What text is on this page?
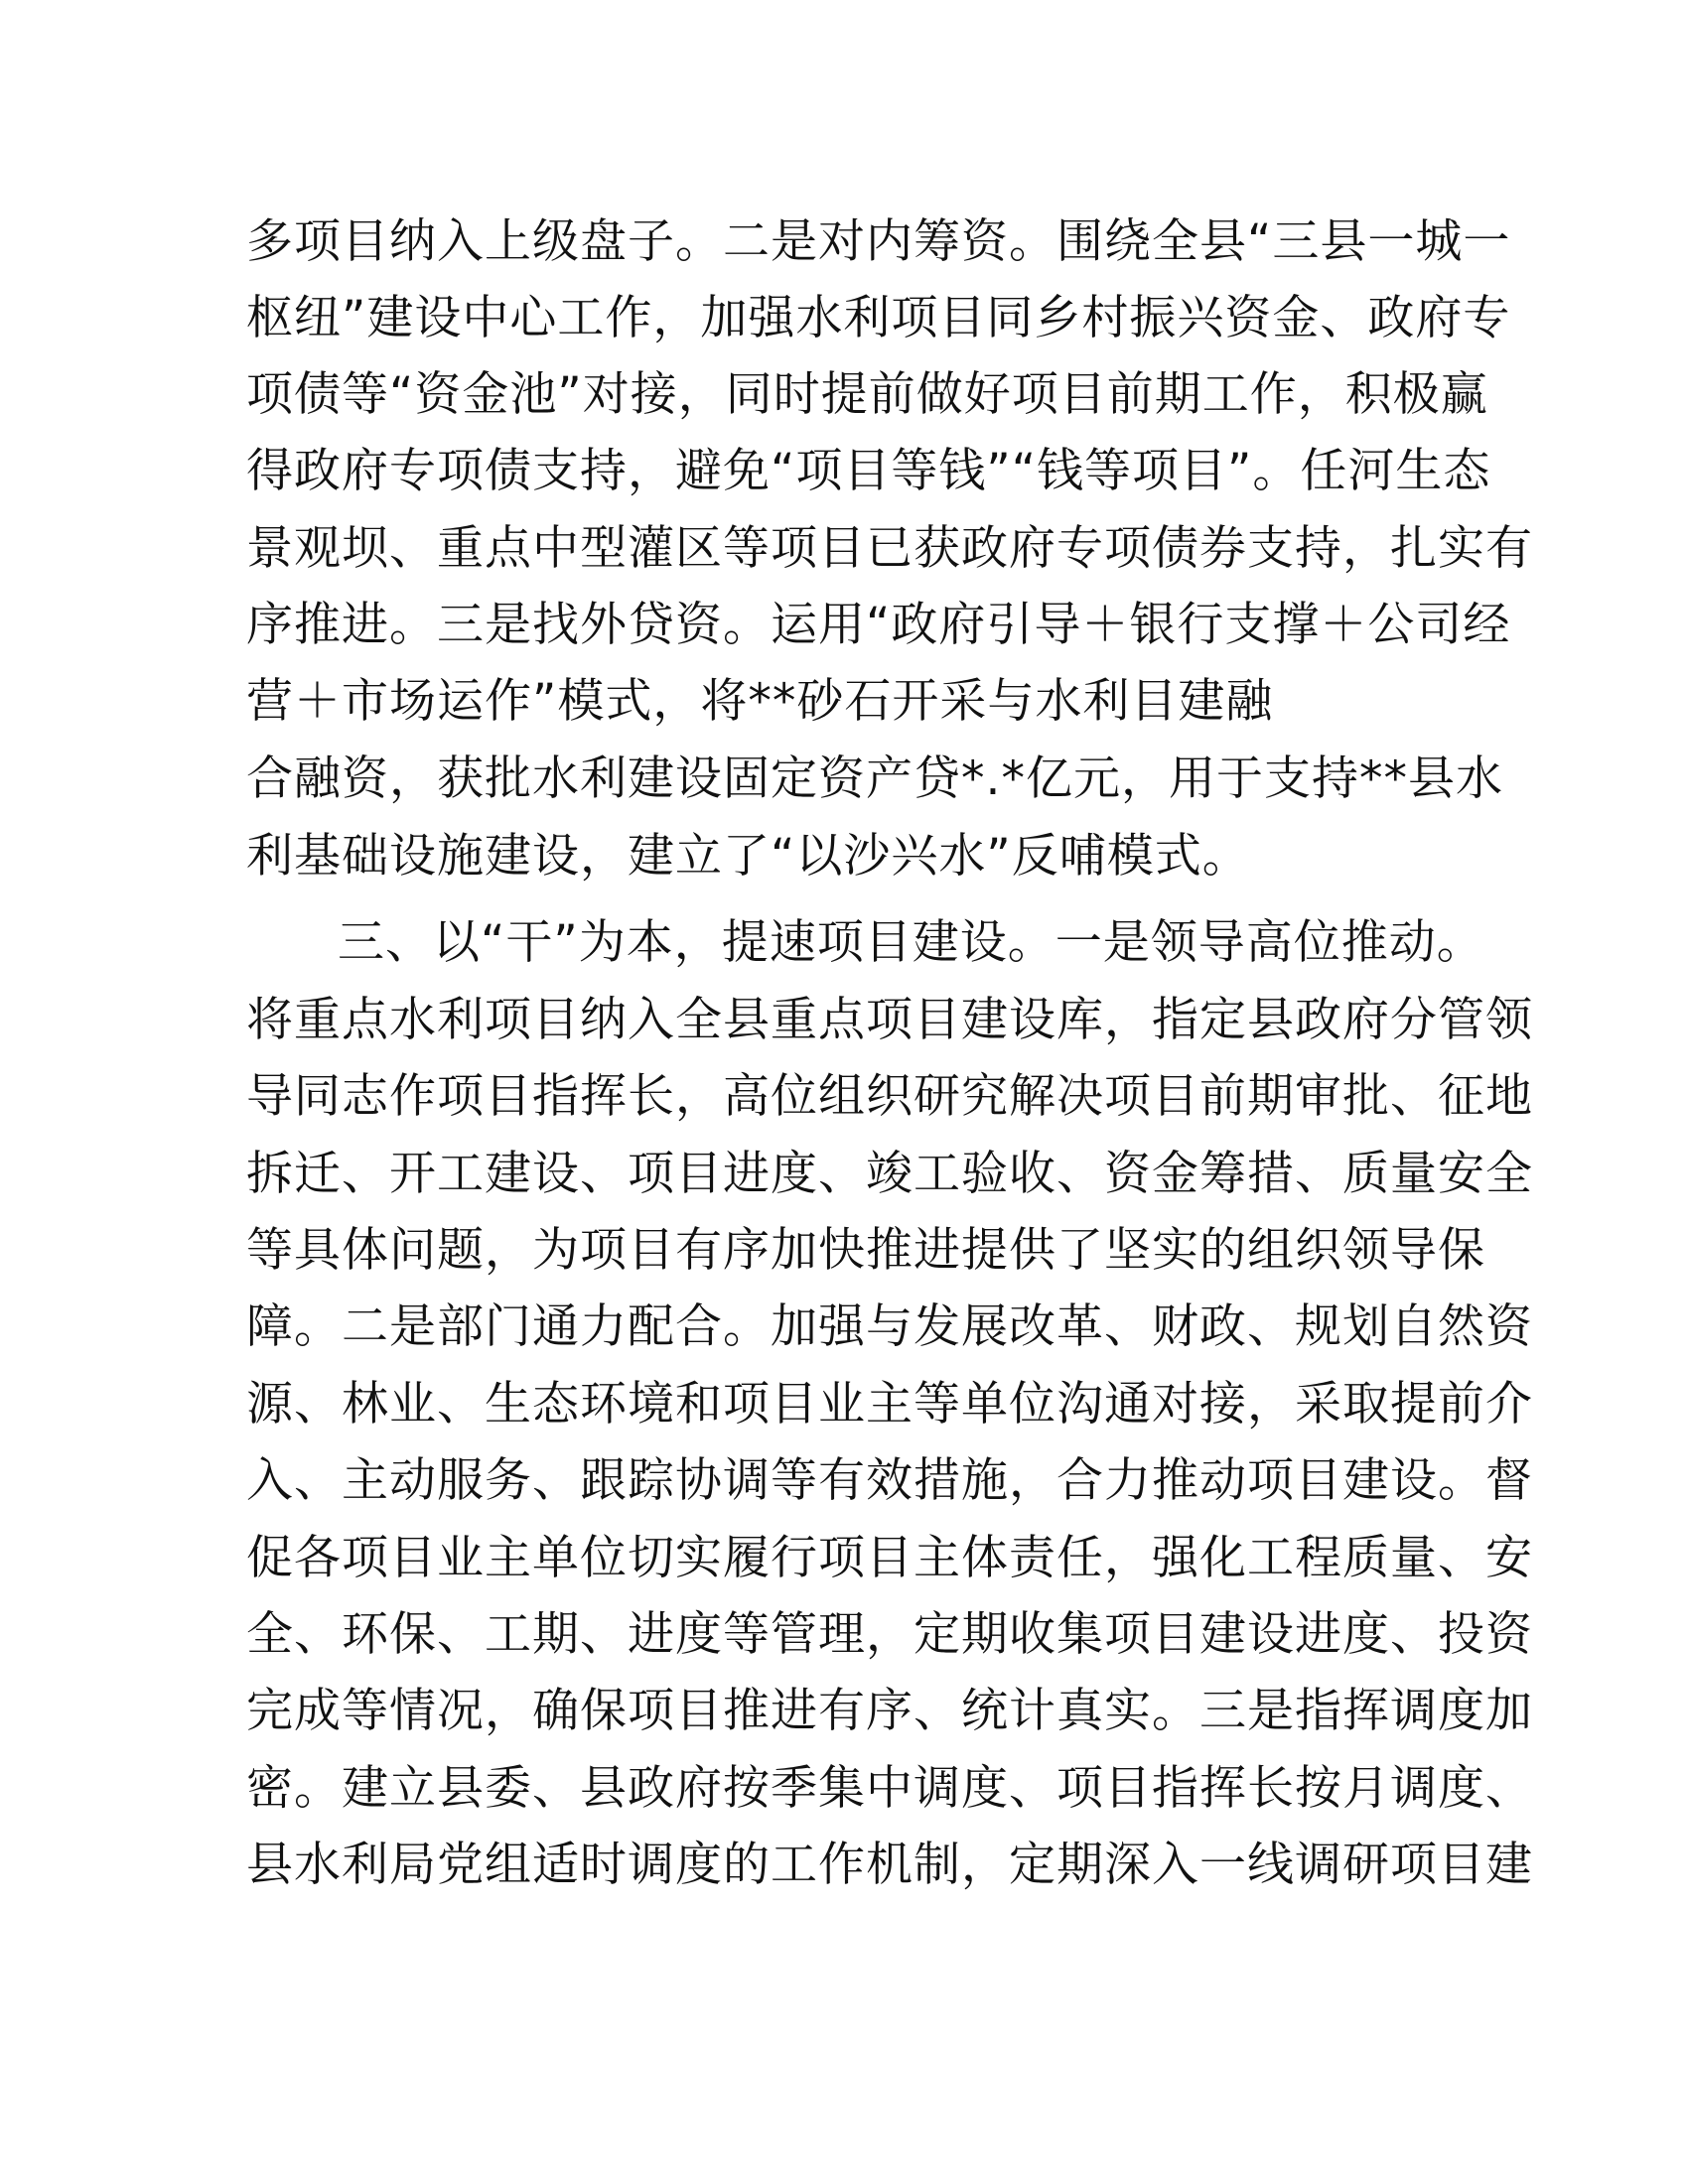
多项目纳入上级盘子。二是对内筹资。围绕全县“三县一城一

枢纽”建设中心工作，加强水利项目同乡村振兴资金、政府专

项债等“资金池”对接，同时提前做好项目前期工作，积极赢

得政府专项债支持，避免“项目等钱”“钱等项目”。任河生态

景观坝、重点中型灌区等项目已获政府专项债券支持，扎实有

序推进。三是找外贷资。运用“政府引导＋银行支撑＋公司经

营＋市场运作”模式，将**砂石开采与水利目建融

合融资，获批水利建设固定资产贷*.*亿元，用于支持**县水

利基础设施建设，建立了“以沙兴水”反哺模式。

三、以“干”为本，提速项目建设。一是领导高位推动。

将重点水利项目纳入全县重点项目建设库，指定县政府分管领

导同志作项目指挥长，高位组织研究解决项目前期审批、征地

拆迁、开工建设、项目进度、竣工验收、资金筹措、质量安全

等具体问题，为项目有序加快推进提供了坚实的组织领导保

障。二是部门通力配合。加强与发展改革、财政、规划自然资

源、林业、生态环境和项目业主等单位沟通对接，采取提前介

入、主动服务、跟踪协调等有效措施，合力推动项目建设。督

促各项目业主单位切实履行项目主体责任，强化工程质量、安

全、环保、工期、进度等管理，定期收集项目建设进度、投资

完成等情况，确保项目推进有序、统计真实。三是指挥调度加

密。建立县委、县政府按季集中调度、项目指挥长按月调度、

县水利局党组适时调度的工作机制，定期深入一线调研项目建
